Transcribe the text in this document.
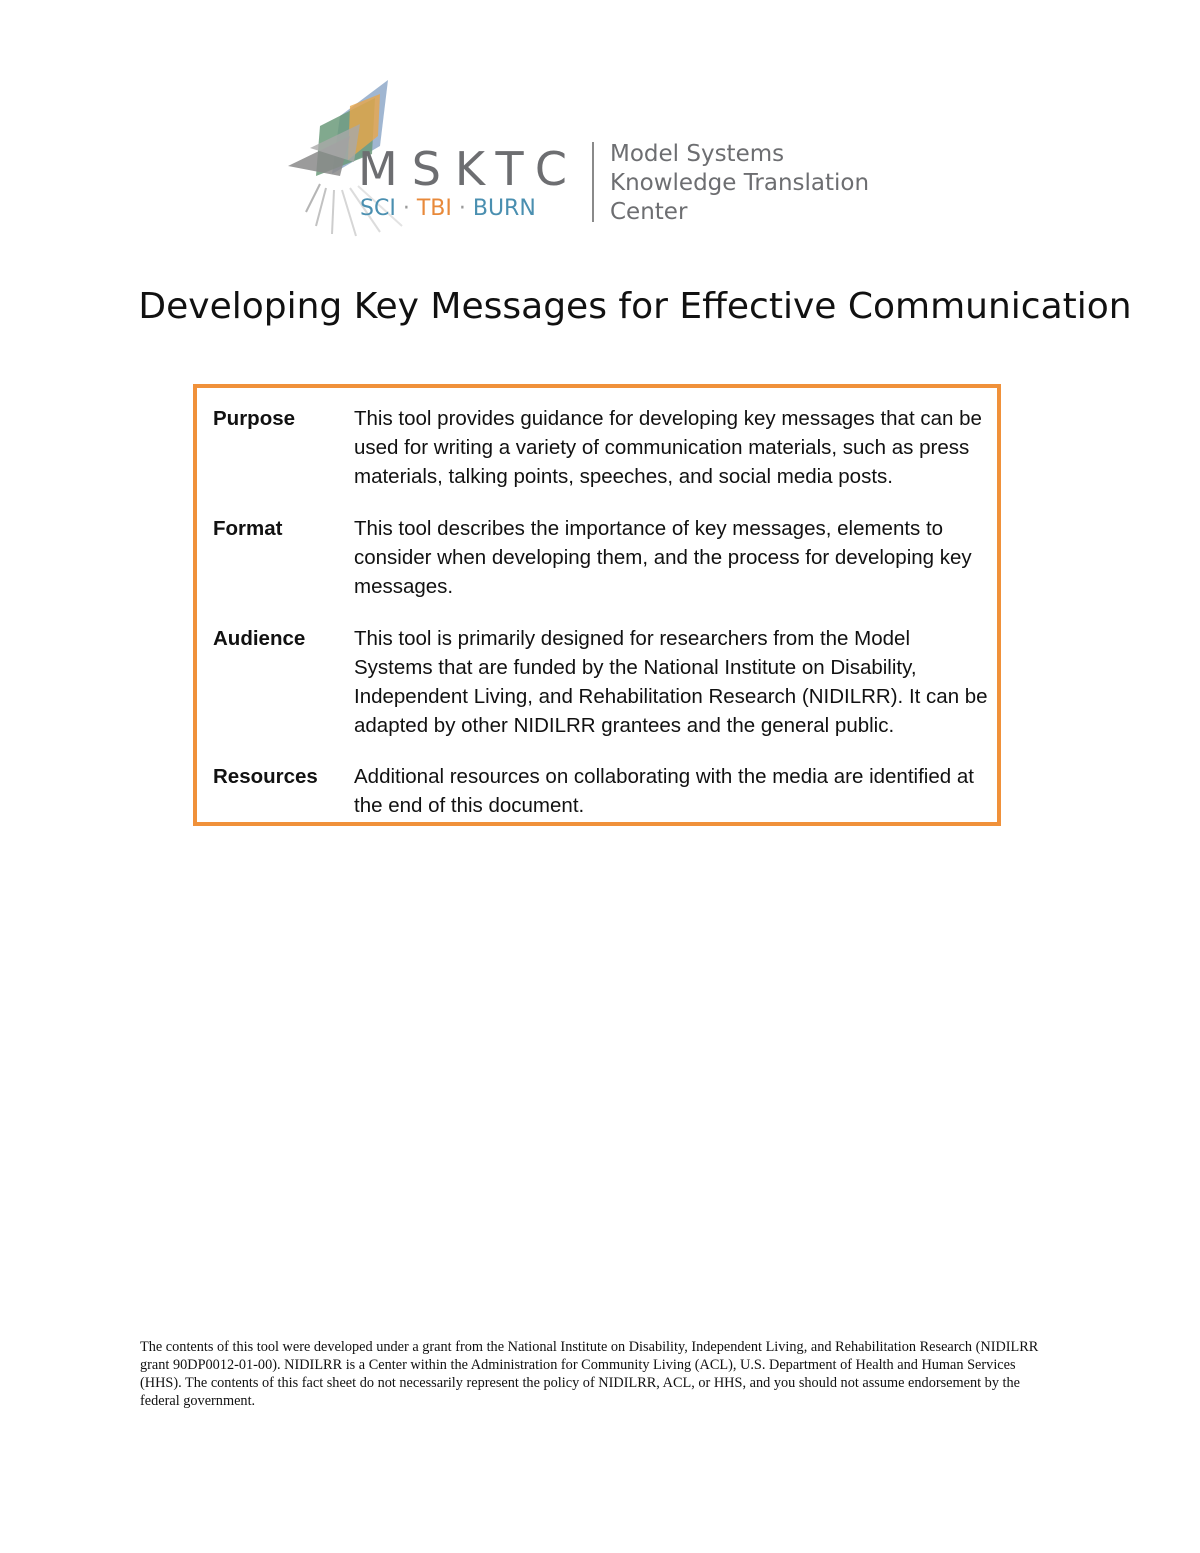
MSKTC
SCI · TBI · BURN
Model Systems
Knowledge Translation
Center
Developing Key Messages for Effective Communication
Purpose	This tool provides guidance for developing key messages that can be used for writing a variety of communication materials, such as press materials, talking points, speeches, and social media posts.
Format	This tool describes the importance of key messages, elements to consider when developing them, and the process for developing key messages.
Audience	This tool is primarily designed for researchers from the Model Systems that are funded by the National Institute on Disability, Independent Living, and Rehabilitation Research (NIDILRR). It can be adapted by other NIDILRR grantees and the general public.
Resources	Additional resources on collaborating with the media are identified at the end of this document.

The contents of this tool were developed under a grant from the National Institute on Disability, Independent Living, and Rehabilitation Research (NIDILRR grant 90DP0012-01-00). NIDILRR is a Center within the Administration for Community Living (ACL), U.S. Department of Health and Human Services (HHS). The contents of this fact sheet do not necessarily represent the policy of NIDILRR, ACL, or HHS, and you should not assume endorsement by the federal government.
